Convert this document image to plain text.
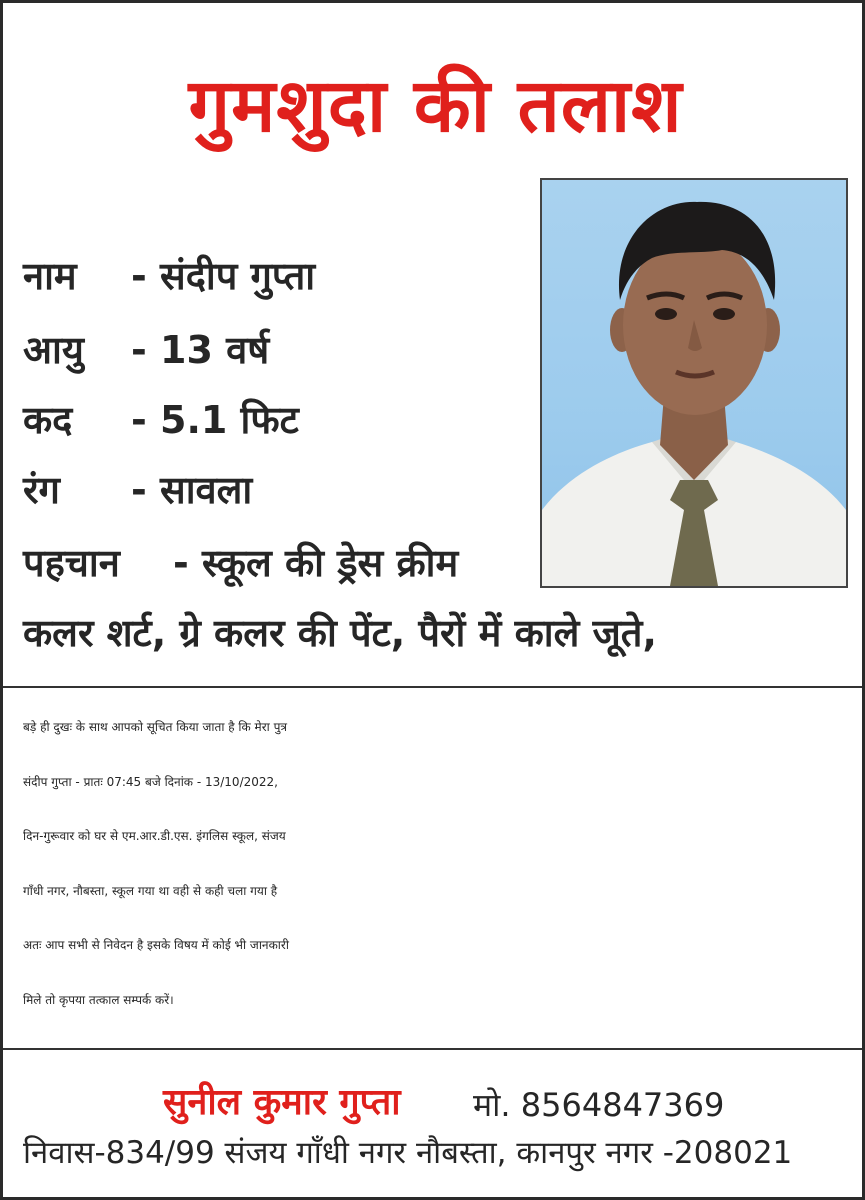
गुमशुदा की तलाश
नाम - संदीप गुप्ता
आयु - 13 वर्ष
कद - 5.1 फिट
रंग - सावला
पहचान - स्कूल की ड्रेस क्रीम
कलर शर्ट, ग्रे कलर की पेंट, पैरों में काले जूते,
बड़े ही दुखः के साथ आपको सूचित किया जाता है कि मेरा पुत्र
संदीप गुप्ता - प्रातः 07:45 बजे दिनांक - 13/10/2022,
दिन-गुरूवार को घर से एम.आर.डी.एस. इंगलिस स्कूल, संजय
गाँधी नगर, नौबस्ता, स्कूल गया था वही से कही चला गया है
अतः आप सभी से निवेदन है इसके विषय में कोई भी जानकारी
मिले तो कृपया तत्काल सम्पर्क करें।
सुनील कुमार गुप्ता मो. 8564847369
निवास-834/99 संजय गाँधी नगर नौबस्ता, कानपुर नगर -208021
